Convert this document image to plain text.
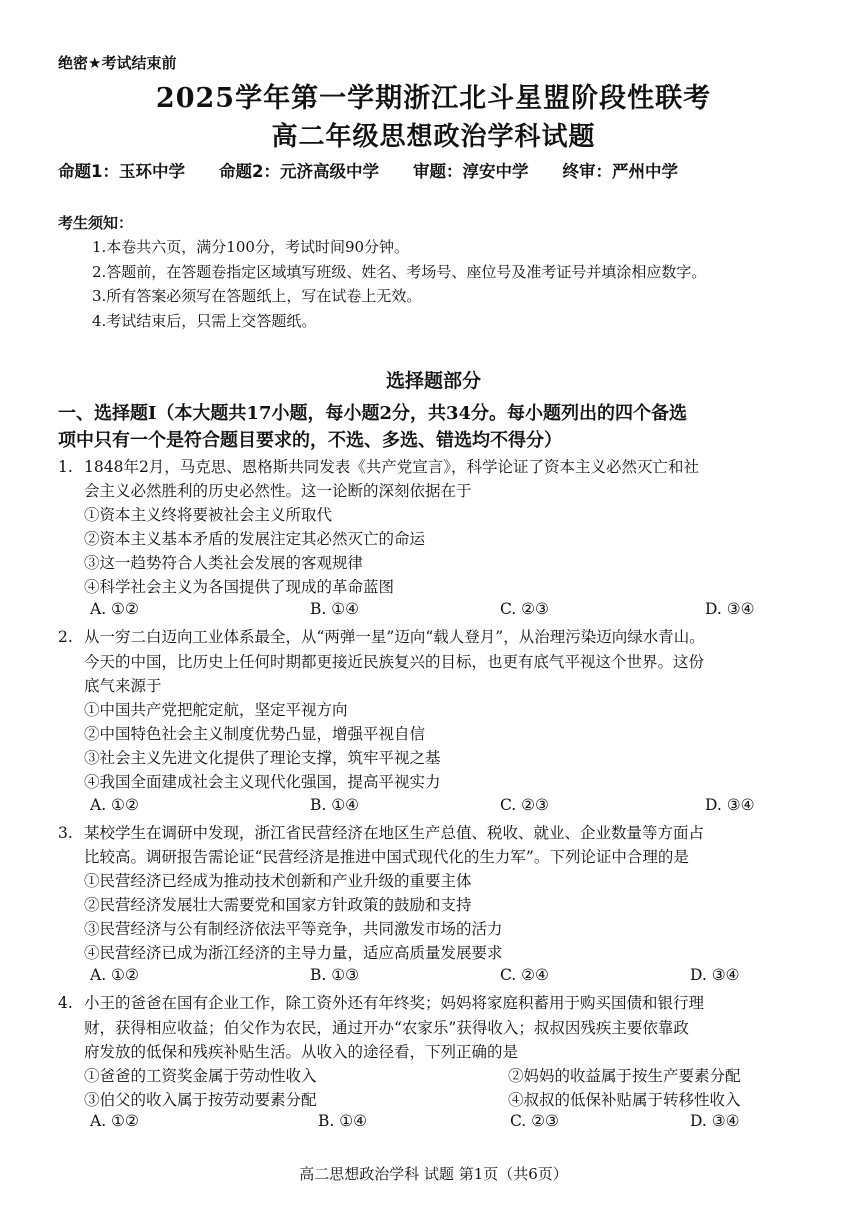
绝密★考试结束前
2025学年第一学期浙江北斗星盟阶段性联考
高二年级思想政治学科试题
命题1：玉环中学 命题2：元济高级中学 审题：淳安中学 终审：严州中学
考生须知：
1.本卷共六页，满分100分，考试时间90分钟。
2.答题前，在答题卷指定区域填写班级、姓名、考场号、座位号及准考证号并填涂相应数字。
3.所有答案必须写在答题纸上，写在试卷上无效。
4.考试结束后，只需上交答题纸。
选择题部分
一、选择题Ⅰ（本大题共17小题，每小题2分，共34分。每小题列出的四个备选
项中只有一个是符合题目要求的，不选、多选、错选均不得分）
1. 1848年2月，马克思、恩格斯共同发表《共产党宣言》，科学论证了资本主义必然灭亡和社
会主义必然胜利的历史必然性。这一论断的深刻依据在于
①资本主义终将要被社会主义所取代
②资本主义基本矛盾的发展注定其必然灭亡的命运
③这一趋势符合人类社会发展的客观规律
④科学社会主义为各国提供了现成的革命蓝图
A. ①②	B. ①④	C. ②③	D. ③④
2. 从一穷二白迈向工业体系最全，从“两弹一星”迈向“载人登月”，从治理污染迈向绿水青山。
今天的中国，比历史上任何时期都更接近民族复兴的目标，也更有底气平视这个世界。这份
底气来源于
①中国共产党把舵定航，坚定平视方向
②中国特色社会主义制度优势凸显，增强平视自信
③社会主义先进文化提供了理论支撑，筑牢平视之基
④我国全面建成社会主义现代化强国，提高平视实力
A. ①②	B. ①④	C. ②③	D. ③④
3. 某校学生在调研中发现，浙江省民营经济在地区生产总值、税收、就业、企业数量等方面占
比较高。调研报告需论证“民营经济是推进中国式现代化的生力军”。下列论证中合理的是
①民营经济已经成为推动技术创新和产业升级的重要主体
②民营经济发展壮大需要党和国家方针政策的鼓励和支持
③民营经济与公有制经济依法平等竞争，共同激发市场的活力
④民营经济已成为浙江经济的主导力量，适应高质量发展要求
A. ①②	B. ①③	C. ②④	D. ③④
4. 小王的爸爸在国有企业工作，除工资外还有年终奖；妈妈将家庭积蓄用于购买国债和银行理
财，获得相应收益；伯父作为农民，通过开办“农家乐”获得收入；叔叔因残疾主要依靠政
府发放的低保和残疾补贴生活。从收入的途径看，下列正确的是
①爸爸的工资奖金属于劳动性收入	②妈妈的收益属于按生产要素分配
③伯父的收入属于按劳动要素分配	④叔叔的低保补贴属于转移性收入
A. ①②	B. ①④	C. ②③	D. ③④
高二思想政治学科 试题 第1页（共6页）
